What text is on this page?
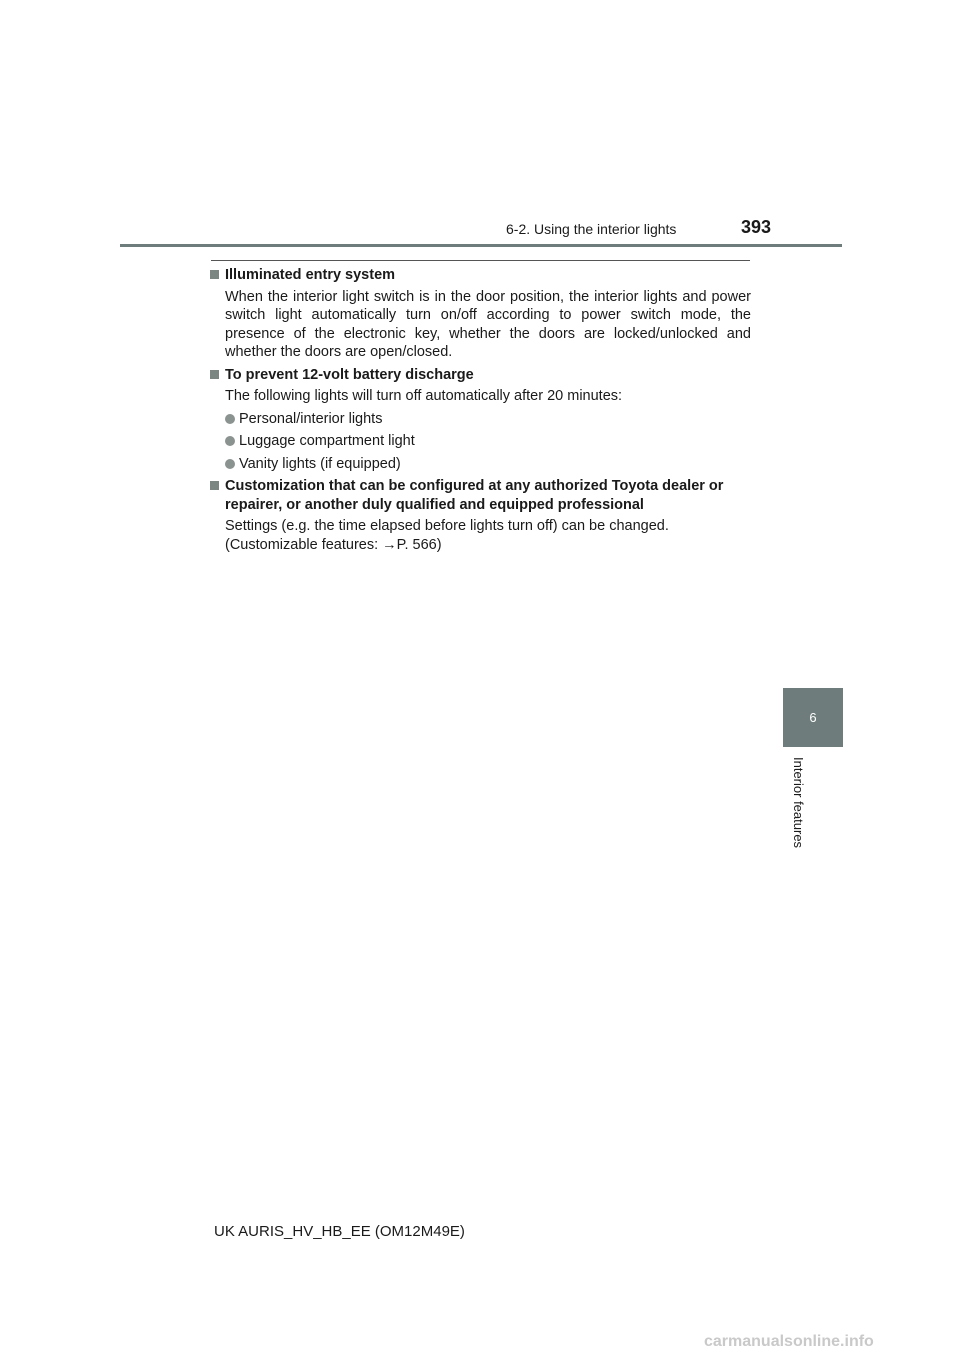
6-2. Using the interior lights	393
Illuminated entry system
When the interior light switch is in the door position, the interior lights and power switch light automatically turn on/off according to power switch mode, the presence of the electronic key, whether the doors are locked/unlocked and whether the doors are open/closed.
To prevent 12-volt battery discharge
The following lights will turn off automatically after 20 minutes:
Personal/interior lights
Luggage compartment light
Vanity lights (if equipped)
Customization that can be configured at any authorized Toyota dealer or repairer, or another duly qualified and equipped professional
Settings (e.g. the time elapsed before lights turn off) can be changed.
(Customizable features: →P. 566)
6
Interior features
UK AURIS_HV_HB_EE (OM12M49E)
carmanualsonline.info
